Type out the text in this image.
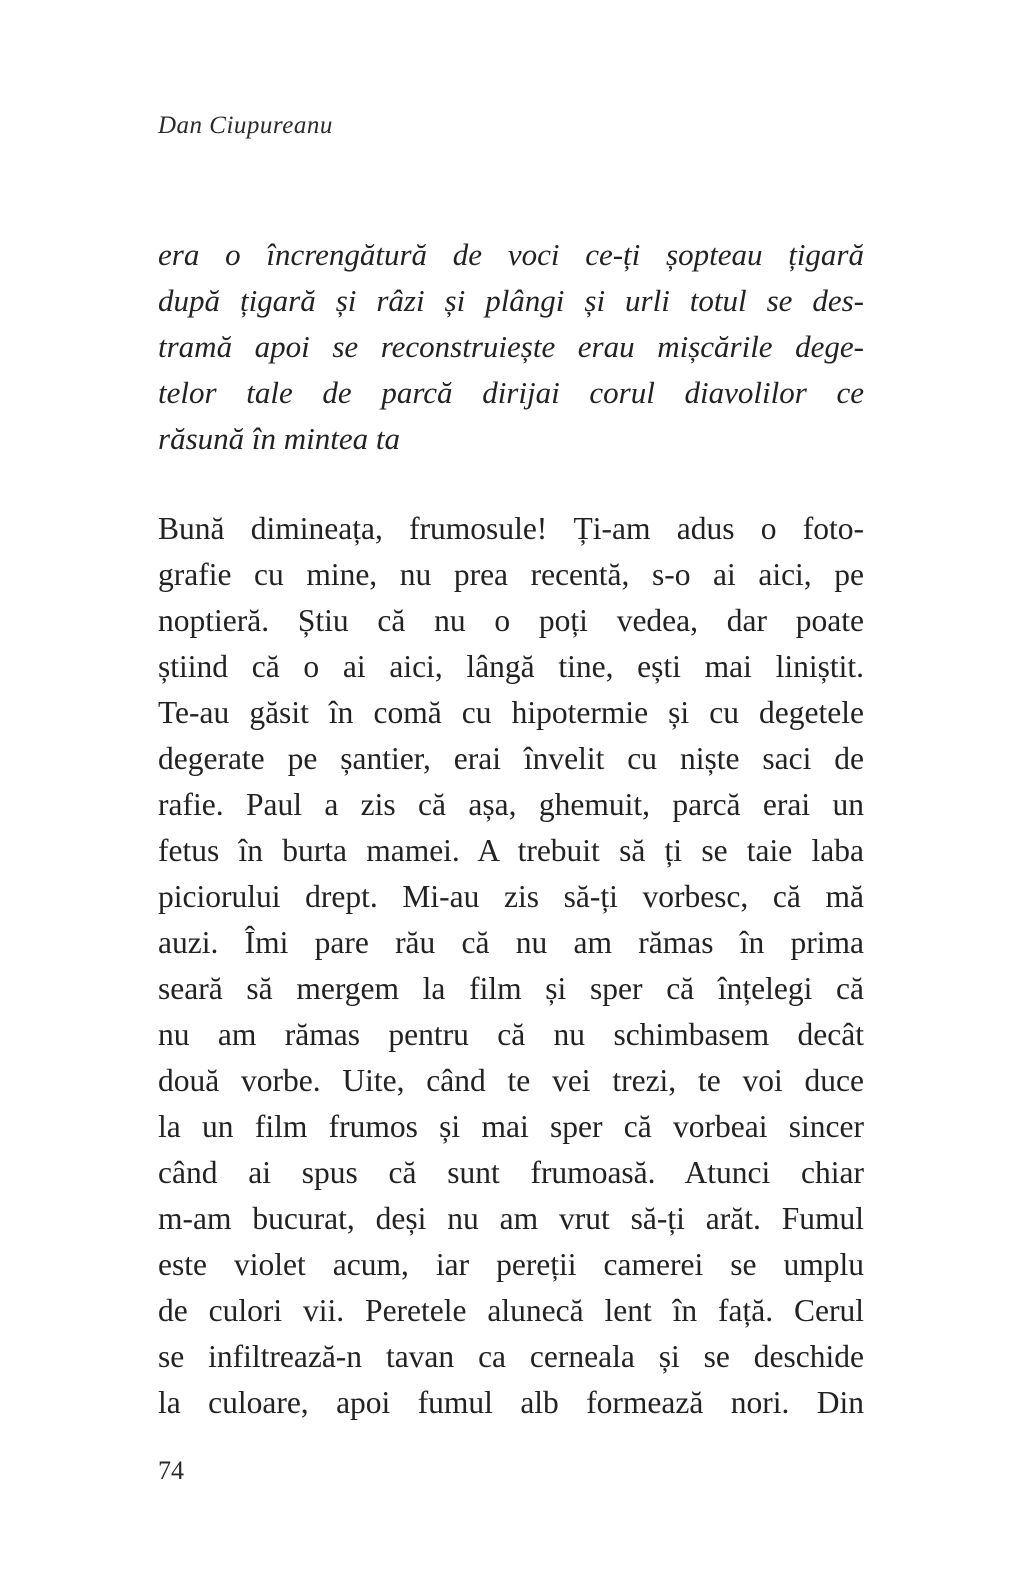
Dan Ciupureanu
era o încrengătură de voci ce-ți șopteau țigară
după țigară și râzi și plângi și urli totul se des-
tramă apoi se reconstruiește erau mișcările dege-
telor tale de parcă dirijai corul diavolilor ce
răsună în mintea ta
Bună dimineața, frumosule! Ți-am adus o foto-
grafie cu mine, nu prea recentă, s-o ai aici, pe
noptieră. Știu că nu o poți vedea, dar poate
știind că o ai aici, lângă tine, ești mai liniștit.
Te-au găsit în comă cu hipotermie și cu degetele
degerate pe șantier, erai învelit cu niște saci de
rafie. Paul a zis că așa, ghemuit, parcă erai un
fetus în burta mamei. A trebuit să ți se taie laba
piciorului drept. Mi-au zis să-ți vorbesc, că mă
auzi. Îmi pare rău că nu am rămas în prima
seară să mergem la film și sper că înțelegi că
nu am rămas pentru că nu schimbasem decât
două vorbe. Uite, când te vei trezi, te voi duce
la un film frumos și mai sper că vorbeai sincer
când ai spus că sunt frumoasă. Atunci chiar
m-am bucurat, deși nu am vrut să-ți arăt. Fumul
este violet acum, iar pereții camerei se umplu
de culori vii. Peretele alunecă lent în față. Cerul
se infiltrează-n tavan ca cerneala și se deschide
la culoare, apoi fumul alb formează nori. Din
74
